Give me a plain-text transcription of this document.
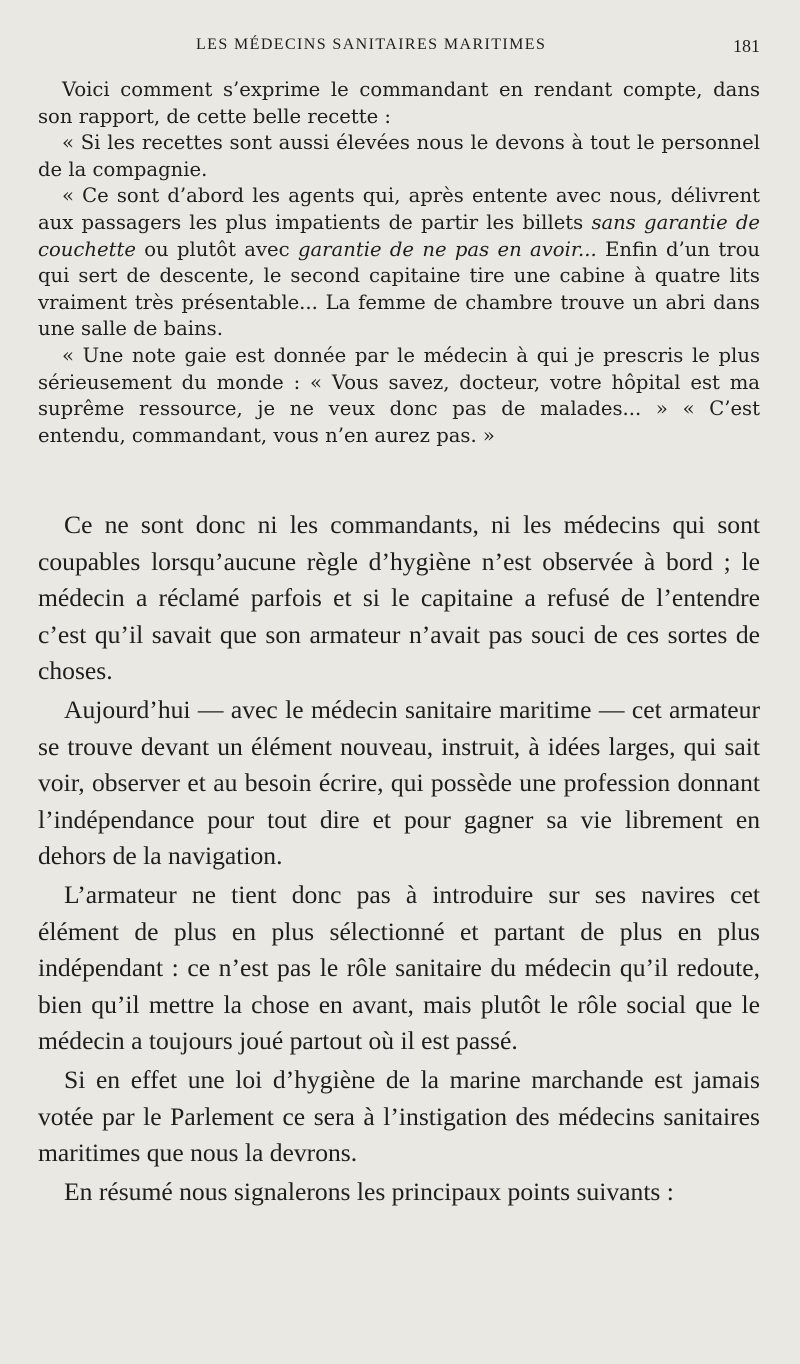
LES MÉDECINS SANITAIRES MARITIMES	181

Voici comment s’exprime le commandant en rendant compte, dans son rapport, de cette belle recette :

« Si les recettes sont aussi élevées nous le devons à tout le personnel de la compagnie.

« Ce sont d’abord les agents qui, après entente avec nous, délivrent aux passagers les plus impatients de partir les billets sans garantie de couchette ou plutôt avec garantie de ne pas en avoir... Enfin d’un trou qui sert de descente, le second capitaine tire une cabine à quatre lits vraiment très présentable... La femme de chambre trouve un abri dans une salle de bains.

« Une note gaie est donnée par le médecin à qui je prescris le plus sérieusement du monde : « Vous savez, docteur, votre hôpital est ma suprême ressource, je ne veux donc pas de malades... » « C’est entendu, commandant, vous n’en aurez pas. »

Ce ne sont donc ni les commandants, ni les médecins qui sont coupables lorsqu’aucune règle d’hygiène n’est observée à bord ; le médecin a réclamé parfois et si le capitaine a refusé de l’entendre c’est qu’il savait que son armateur n’avait pas souci de ces sortes de choses.

Aujourd’hui — avec le médecin sanitaire maritime — cet armateur se trouve devant un élément nouveau, instruit, à idées larges, qui sait voir, observer et au besoin écrire, qui possède une profession donnant l’indépendance pour tout dire et pour gagner sa vie librement en dehors de la navigation.

L’armateur ne tient donc pas à introduire sur ses navires cet élément de plus en plus sélectionné et partant de plus en plus indépendant : ce n’est pas le rôle sanitaire du médecin qu’il redoute, bien qu’il mettre la chose en avant, mais plutôt le rôle social que le médecin a toujours joué partout où il est passé.

Si en effet une loi d’hygiène de la marine marchande est jamais votée par le Parlement ce sera à l’instigation des médecins sanitaires maritimes que nous la devrons.

En résumé nous signalerons les principaux points suivants :
